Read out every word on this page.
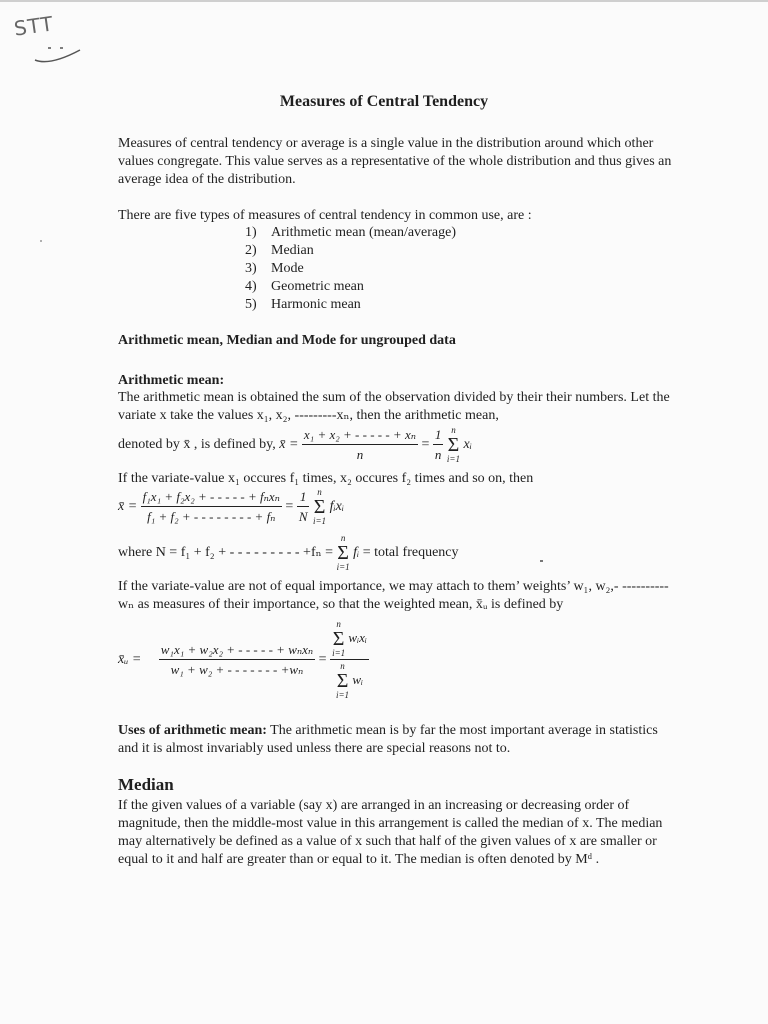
STT
Measures of Central Tendency

Measures of central tendency or average is a single value in the distribution around which other values congregate. This value serves as a representative of the whole distribution and thus gives an average idea of the distribution.

There are five types of measures of central tendency in common use, are :

1) Arithmetic mean (mean/average)
2) Median
3) Mode
4) Geometric mean
5) Harmonic mean
Arithmetic mean, Median and Mode for ungrouped data
Arithmetic mean:

The arithmetic mean is obtained the sum of the observation divided by their their numbers. Let the variate x take the values x₁, x₂, ---------xₙ, then the arithmetic mean,

denoted by x̄ , is defined by, x̄ = $\frac{\text{x₁ + x₂ + - - - - - + xₙ}}{n} = \frac{1}{n}$ n
Σ
i=1 xᵢ

If the variate-value x₁ occures f₁ times, x₂ occures f₂ times and so on, then

x̄ = $\frac{\text{f₁x₁ + f₂x₂ + - - - - - + fₙxₙ}}{\text{f₁ + f₂ + - - - - - - - - + fₙ}} = \frac{1}{N}$ n
Σ
i=1 fᵢxᵢ
where N = f₁ + f₂ + - - - - - - - - - +fₙ = n
Σ
i=1 fᵢ = total frequency

If the variate-value are not of equal importance, we may attach to them’ weights’ w₁, w₂,- ----------wₙ as measures of their importance, so that the weighted mean, x̄ᵤ is defined by

x̄ᵤ = $\frac{\text{w₁x₁ + w₂x₂ + - - - - - + wₙxₙ}}{\text{w₁ + w₂ + - - - - - - - +wₙ}} = n$
Σ
i=1 wᵢxᵢ
n
Σ
i=1 wᵢ

Uses of arithmetic mean: The arithmetic mean is by far the most important average in statistics and it is almost invariably used unless there are special reasons not to.

Median

If the given values of a variable (say x) are arranged in an increasing or decreasing order of magnitude, then the middle-most value in this arrangement is called the median of x. The median may alternatively be defined as a value of x such that half of the given values of x are smaller or equal to it and half are greater than or equal to it. The median is often denoted by Mᵈ .
